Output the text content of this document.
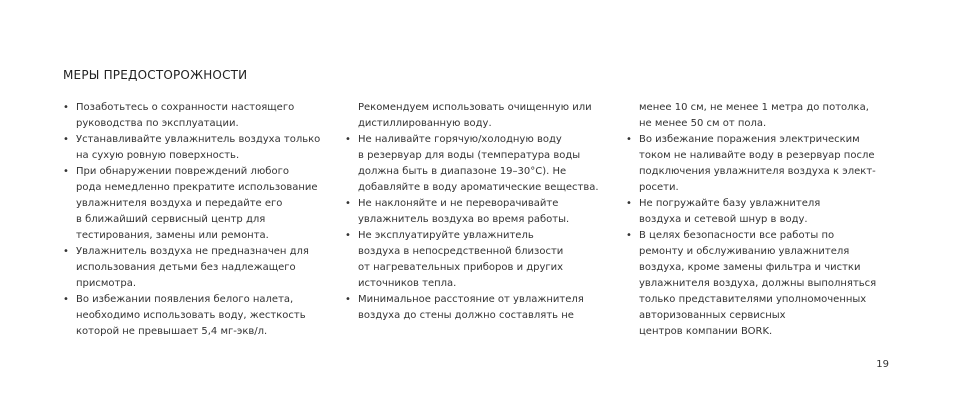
МЕРЫ ПРЕДОСТОРОЖНОСТИ
• Позаботьтесь о сохранности настоящего
руководства по эксплуатации.
• Устанавливайте увлажнитель воздуха только
на сухую ровную поверхность.
• При обнаружении повреждений любого
рода немедленно прекратите использование
увлажнителя воздуха и передайте его
в ближайший сервисный центр для
тестирования, замены или ремонта.
• Увлажнитель воздуха не предназначен для
использования детьми без надлежащего
присмотра.
• Во избежании появления белого налета,
необходимо использовать воду, жесткость
которой не превышает 5,4 мг-экв/л.
Рекомендуем использовать очищенную или
дистиллированную воду.
• Не наливайте горячую/холодную воду
в резервуар для воды (температура воды
должна быть в диапазоне 19–30°C). Не
добавляйте в воду ароматические вещества.
• Не наклоняйте и не переворачивайте
увлажнитель воздуха во время работы.
• Не эксплуатируйте увлажнитель
воздуха в непосредственной близости
от нагревательных приборов и других
источников тепла.
• Минимальное расстояние от увлажнителя
воздуха до стены должно составлять не
менее 10 см, не менее 1 метра до потолка,
не менее 50 см от пола.
• Во избежание поражения электрическим
током не наливайте воду в резервуар после
подключения увлажнителя воздуха к элект-
росети.
• Не погружайте базу увлажнителя
воздуха и сетевой шнур в воду.
• В целях безопасности все работы по
ремонту и обслуживанию увлажнителя
воздуха, кроме замены фильтра и чистки
увлажнителя воздуха, должны выполняться
только представителями уполномоченных
авторизованных сервисных
центров компании BORK.
19
